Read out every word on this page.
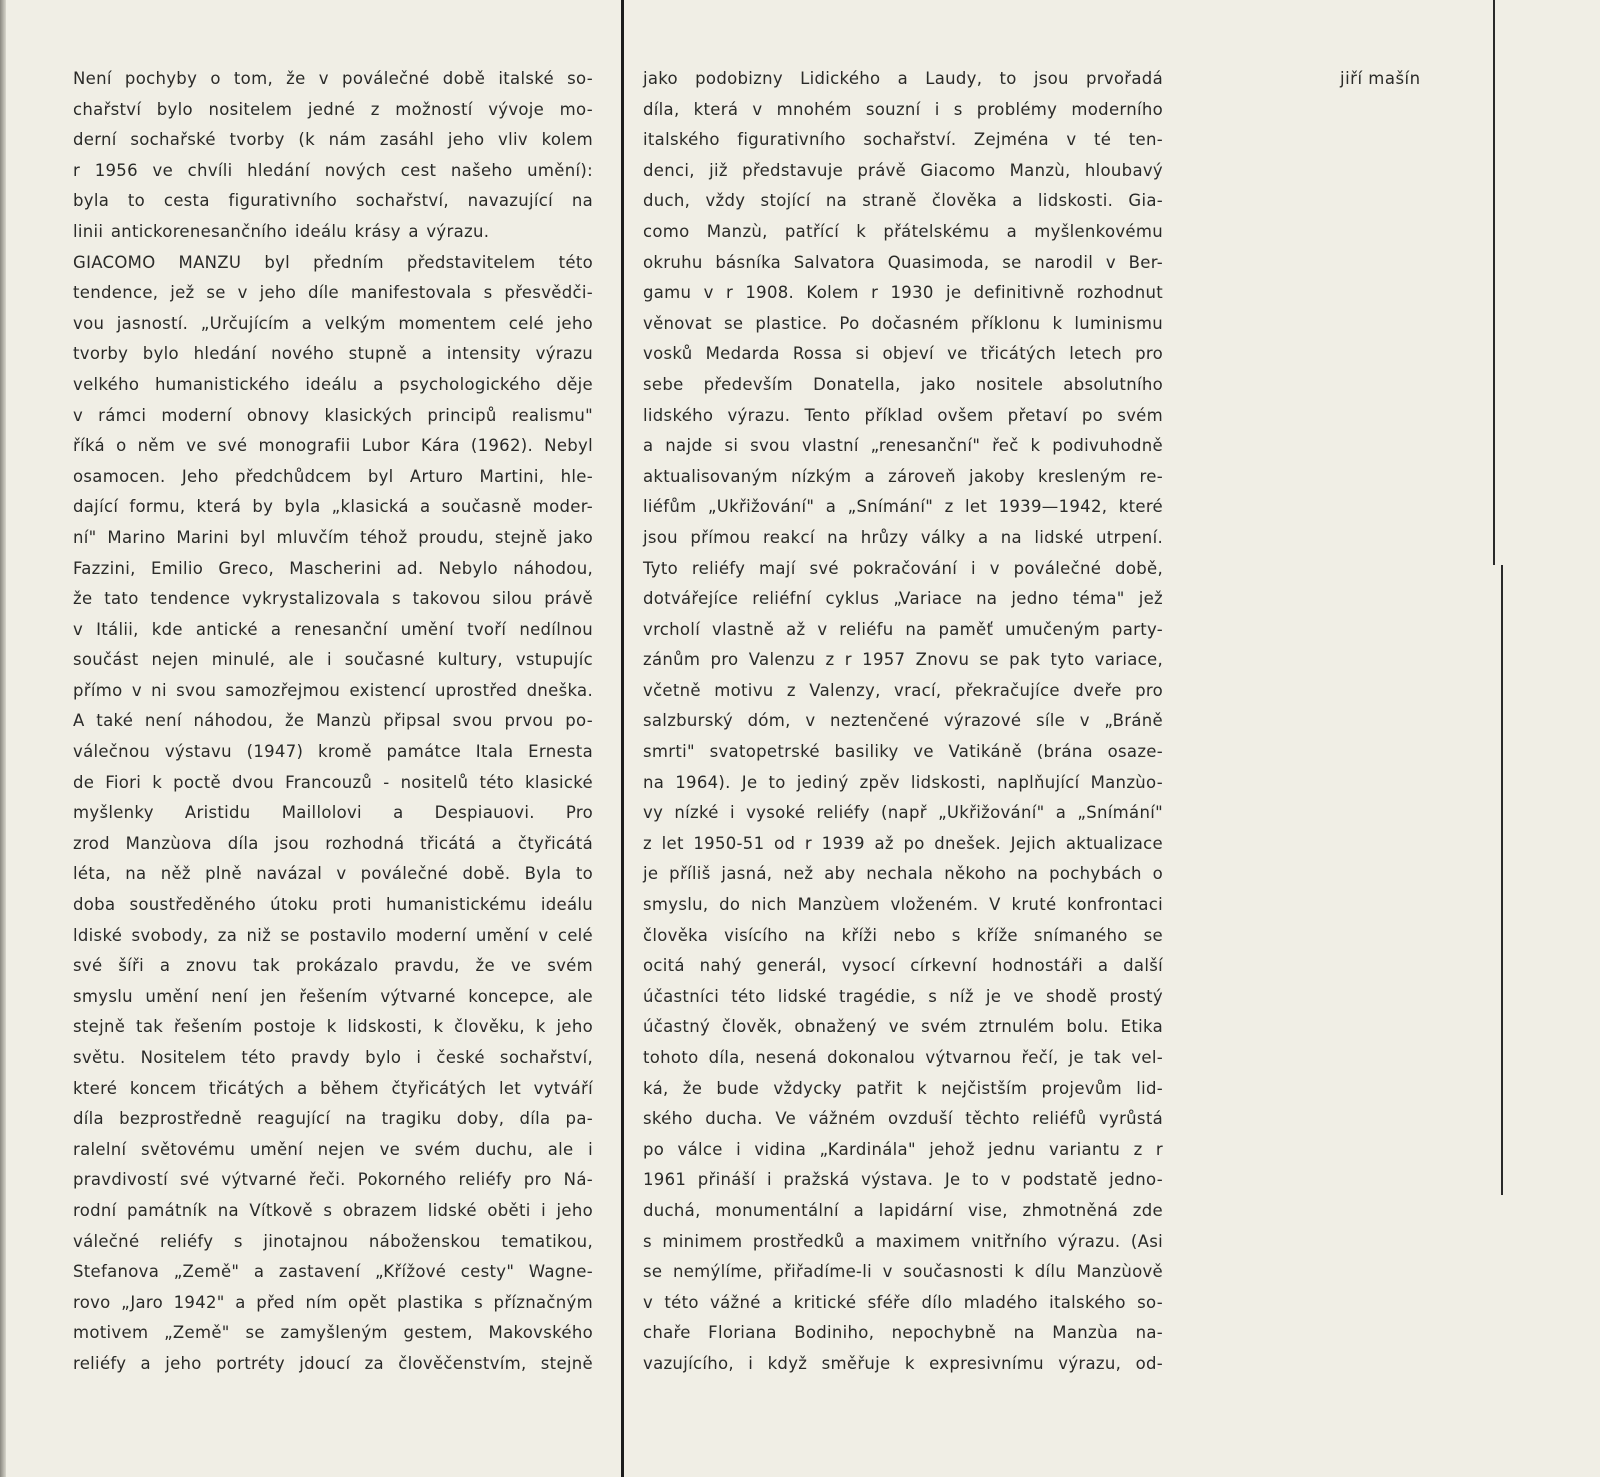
Není pochyby o tom, že v poválečné době italské so-
chařství bylo nositelem jedné z možností vývoje mo-
derní sochařské tvorby (k nám zasáhl jeho vliv kolem
r 1956 ve chvíli hledání nových cest našeho umění):
byla to cesta figurativního sochařství, navazující na
linii antickorenesančního ideálu krásy a výrazu.
GIACOMO MANZU byl předním představitelem této
tendence, jež se v jeho díle manifestovala s přesvědči-
vou jasností. „Určujícím a velkým momentem celé jeho
tvorby bylo hledání nového stupně a intensity výrazu
velkého humanistického ideálu a psychologického děje
v rámci moderní obnovy klasických principů realismu"
říká o něm ve své monografii Lubor Kára (1962). Nebyl
osamocen. Jeho předchůdcem byl Arturo Martini, hle-
dající formu, která by byla „klasická a současně moder-
ní" Marino Marini byl mluvčím téhož proudu, stejně jako
Fazzini, Emilio Greco, Mascherini ad. Nebylo náhodou,
že tato tendence vykrystalizovala s takovou silou právě
v Itálii, kde antické a renesanční umění tvoří nedílnou
součást nejen minulé, ale i současné kultury, vstupujíc
přímo v ni svou samozřejmou existencí uprostřed dneška.
A také není náhodou, že Manzù připsal svou prvou po-
válečnou výstavu (1947) kromě památce Itala Ernesta
de Fiori k poctě dvou Francouzů - nositelů této klasické
myšlenky Aristidu Maillolovi a Despiauovi. Pro
zrod Manzùova díla jsou rozhodná třicátá a čtyřicátá
léta, na něž plně navázal v poválečné době. Byla to
doba soustředěného útoku proti humanistickému ideálu
ldiské svobody, za niž se postavilo moderní umění v celé
své šíři a znovu tak prokázalo pravdu, že ve svém
smyslu umění není jen řešením výtvarné koncepce, ale
stejně tak řešením postoje k lidskosti, k člověku, k jeho
světu. Nositelem této pravdy bylo i české sochařství,
které koncem třicátých a během čtyřicátých let vytváří
díla bezprostředně reagující na tragiku doby, díla pa-
ralelní světovému umění nejen ve svém duchu, ale i
pravdivostí své výtvarné řeči. Pokorného reliéfy pro Ná-
rodní památník na Vítkově s obrazem lidské oběti i jeho
válečné reliéfy s jinotajnou náboženskou tematikou,
Stefanova „Země" a zastavení „Křížové cesty" Wagne-
rovo „Jaro 1942" a před ním opět plastika s příznačným
motivem „Země" se zamyšleným gestem, Makovského
reliéfy a jeho portréty jdoucí za člověčenstvím, stejně
jako podobizny Lidického a Laudy, to jsou prvořadá
díla, která v mnohém souzní i s problémy moderního
italského figurativního sochařství. Zejména v té ten-
denci, již představuje právě Giacomo Manzù, hloubavý
duch, vždy stojící na straně člověka a lidskosti. Gia-
como Manzù, patřící k přátelskému a myšlenkovému
okruhu básníka Salvatora Quasimoda, se narodil v Ber-
gamu v r 1908. Kolem r 1930 je definitivně rozhodnut
věnovat se plastice. Po dočasném příklonu k luminismu
vosků Medarda Rossa si objeví ve třicátých letech pro
sebe především Donatella, jako nositele absolutního
lidského výrazu. Tento příklad ovšem přetaví po svém
a najde si svou vlastní „renesanční" řeč k podivuhodně
aktualisovaným nízkým a zároveň jakoby kresleným re-
liéfům „Ukřižování" a „Snímání" z let 1939—1942, které
jsou přímou reakcí na hrůzy války a na lidské utrpení.
Tyto reliéfy mají své pokračování i v poválečné době,
dotvářejíce reliéfní cyklus „Variace na jedno téma" jež
vrcholí vlastně až v reliéfu na paměť umučeným party-
zánům pro Valenzu z r 1957 Znovu se pak tyto variace,
včetně motivu z Valenzy, vrací, překračujíce dveře pro
salzburský dóm, v neztenčené výrazové síle v „Bráně
smrti" svatopetrské basiliky ve Vatikáně (brána osaze-
na 1964). Je to jediný zpěv lidskosti, naplňující Manzùo-
vy nízké i vysoké reliéfy (např „Ukřižování" a „Snímání"
z let 1950-51 od r 1939 až po dnešek. Jejich aktualizace
je příliš jasná, než aby nechala někoho na pochybách o
smyslu, do nich Manzùem vloženém. V kruté konfrontaci
člověka visícího na kříži nebo s kříže snímaného se
ocitá nahý generál, vysocí církevní hodnostáři a další
účastníci této lidské tragédie, s níž je ve shodě prostý
účastný člověk, obnažený ve svém ztrnulém bolu. Etika
tohoto díla, nesená dokonalou výtvarnou řečí, je tak vel-
ká, že bude vždycky patřit k nejčistším projevům lid-
ského ducha. Ve vážném ovzduší těchto reliéfů vyrůstá
po válce i vidina „Kardinála" jehož jednu variantu z r
1961 přináší i pražská výstava. Je to v podstatě jedno-
duchá, monumentální a lapidární vise, zhmotněná zde
s minimem prostředků a maximem vnitřního výrazu. (Asi
se nemýlíme, přiřadíme-li v současnosti k dílu Manzùově
v této vážné a kritické sféře dílo mladého italského so-
chaře Floriana Bodiniho, nepochybně na Manzùa na-
vazujícího, i když směřuje k expresivnímu výrazu, od-
jiří mašín
